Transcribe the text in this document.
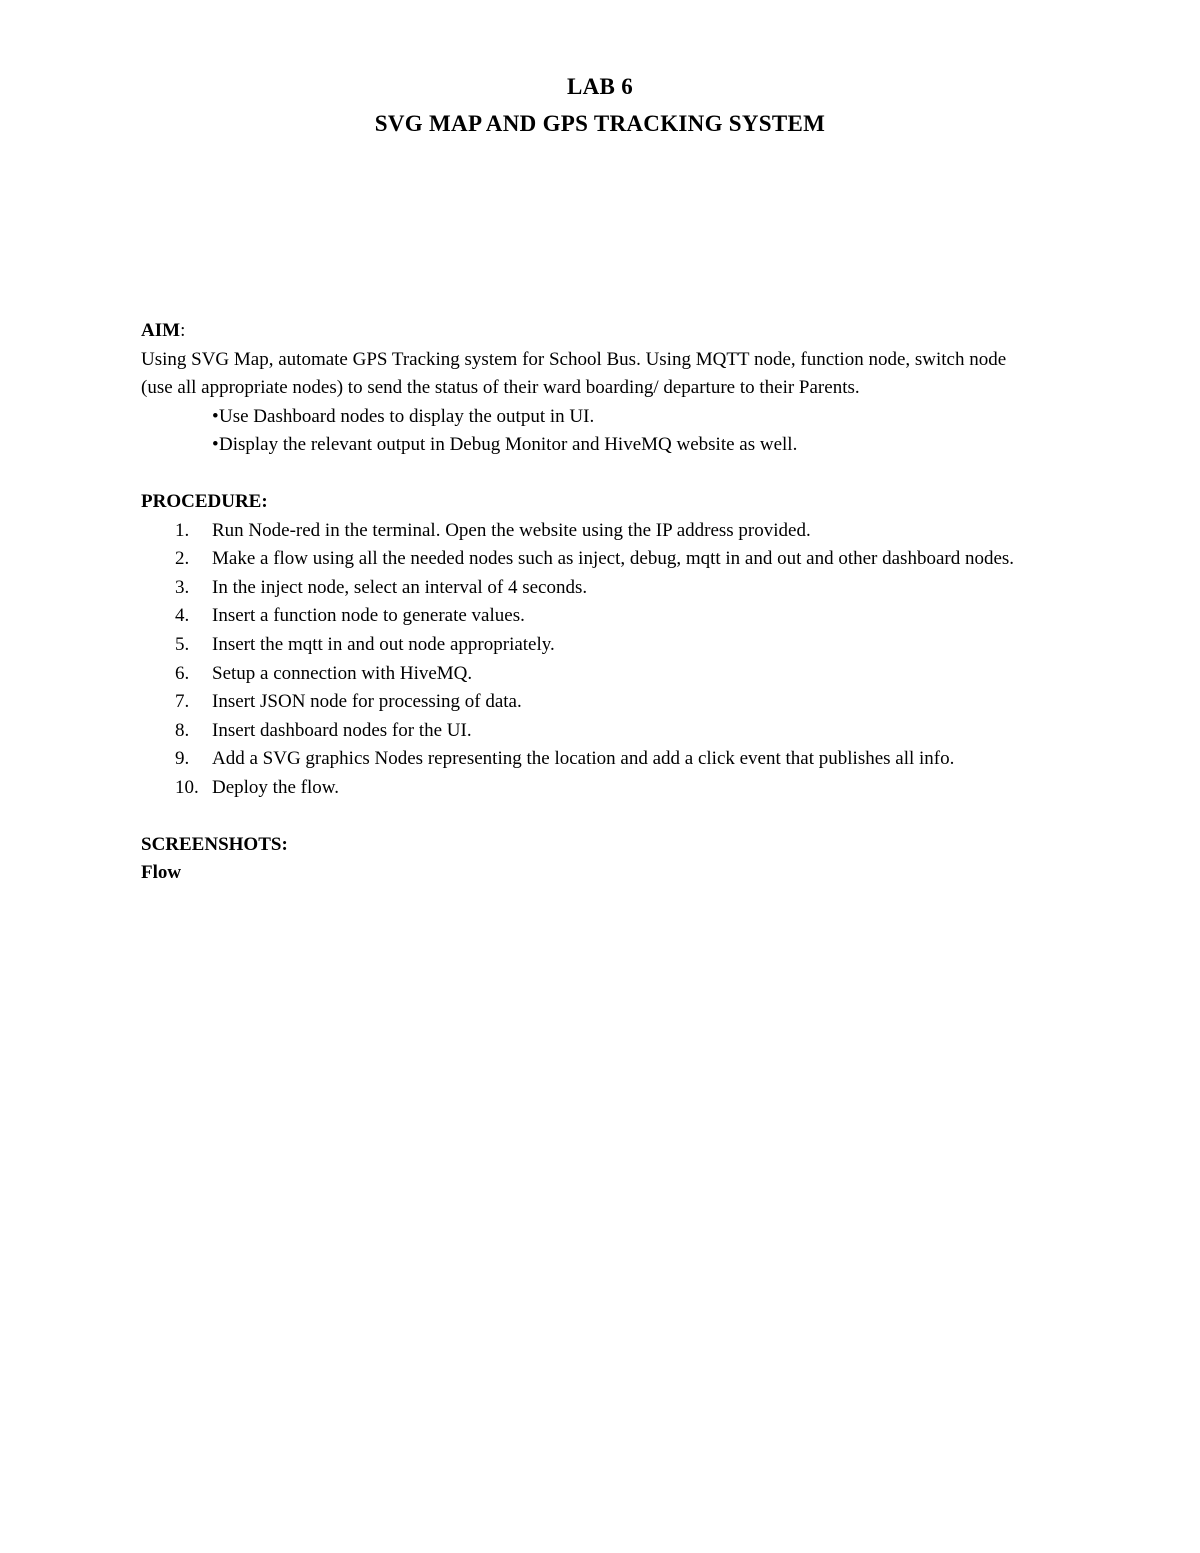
LAB 6
SVG MAP AND GPS TRACKING SYSTEM
AIM:

Using SVG Map, automate GPS Tracking system for School Bus. Using MQTT node, function node, switch node (use all appropriate nodes) to send the status of their ward boarding/ departure to their Parents.

•Use Dashboard nodes to display the output in UI.
•Display the relevant output in Debug Monitor and HiveMQ website as well.
PROCEDURE:
1. Run Node-red in the terminal. Open the website using the IP address provided.
2. Make a flow using all the needed nodes such as inject, debug, mqtt in and out and other dashboard nodes.
3. In the inject node, select an interval of 4 seconds.
4. Insert a function node to generate values.
5. Insert the mqtt in and out node appropriately.
6. Setup a connection with HiveMQ.
7. Insert JSON node for processing of data.
8. Insert dashboard nodes for the UI.
9. Add a SVG graphics Nodes representing the location and add a click event that publishes all info.
10. Deploy the flow.
SCREENSHOTS:
Flow
